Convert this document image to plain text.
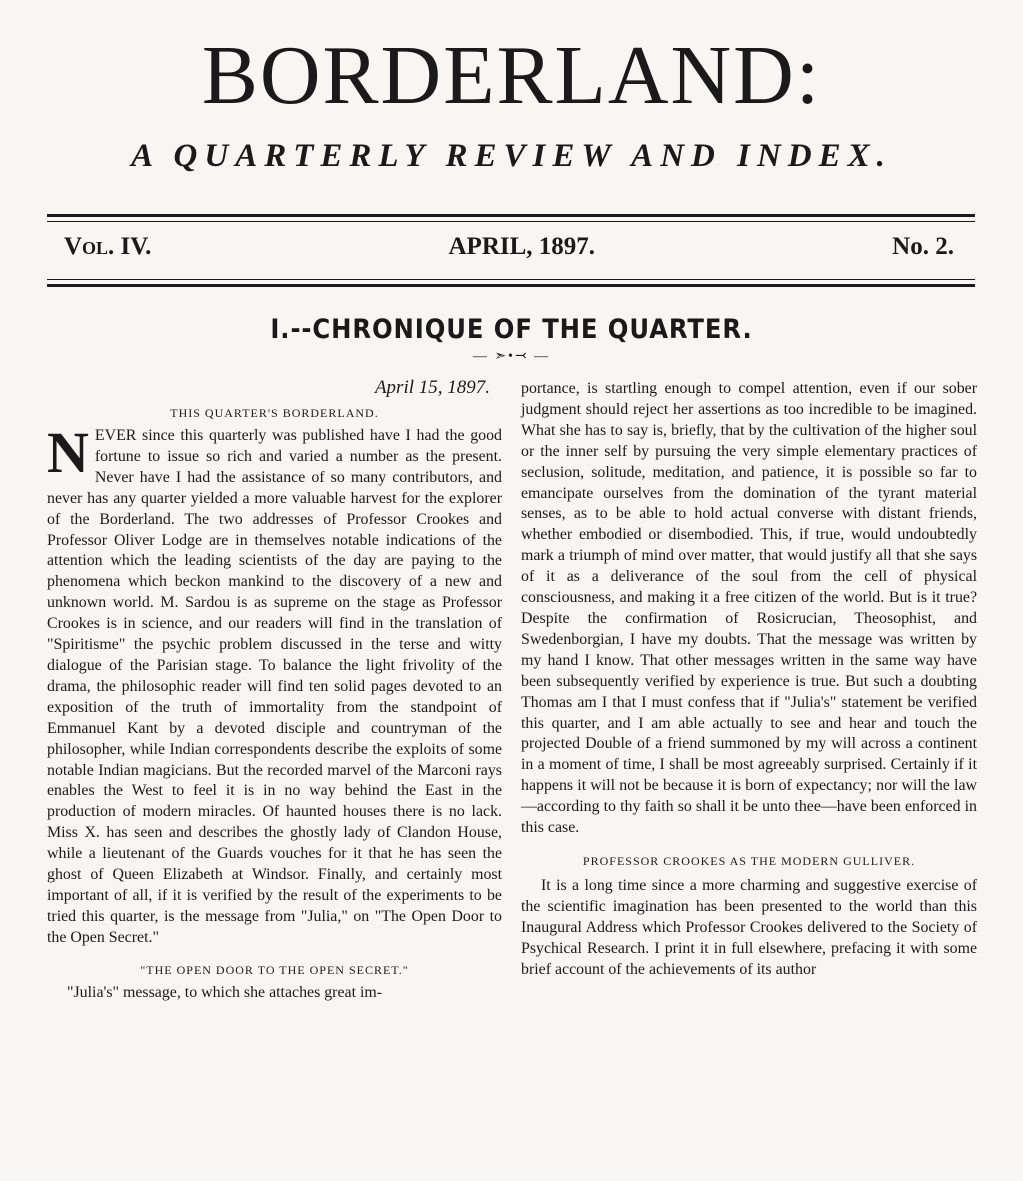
BORDERLAND:
A QUARTERLY REVIEW AND INDEX.
Vol. IV.	APRIL, 1897.	No. 2.
I.--CHRONIQUE OF THE QUARTER.
— ➣•⤙ —
April 15, 1897.
THIS QUARTER'S BORDERLAND.

NEVER since this quarterly was published have I had the good fortune to issue so rich and varied a number as the present. Never have I had the assistance of so many contributors, and never has any quarter yielded a more valuable harvest for the explorer of the Borderland. The two addresses of Professor Crookes and Professor Oliver Lodge are in themselves notable indications of the attention which the leading scientists of the day are paying to the phenomena which beckon mankind to the discovery of a new and unknown world. M. Sardou is as supreme on the stage as Professor Crookes is in science, and our readers will find in the translation of "Spiritisme" the psychic problem discussed in the terse and witty dialogue of the Parisian stage. To balance the light frivolity of the drama, the philosophic reader will find ten solid pages devoted to an exposition of the truth of immortality from the standpoint of Emmanuel Kant by a devoted disciple and countryman of the philosopher, while Indian correspondents describe the exploits of some notable Indian magicians. But the recorded marvel of the Marconi rays enables the West to feel it is in no way behind the East in the production of modern miracles. Of haunted houses there is no lack. Miss X. has seen and describes the ghostly lady of Clandon House, while a lieutenant of the Guards vouches for it that he has seen the ghost of Queen Elizabeth at Windsor. Finally, and certainly most important of all, if it is verified by the result of the experiments to be tried this quarter, is the message from "Julia," on "The Open Door to the Open Secret."

"THE OPEN DOOR TO THE OPEN SECRET."

"Julia's" message, to which she attaches great im-

portance, is startling enough to compel attention, even if our sober judgment should reject her assertions as too incredible to be imagined. What she has to say is, briefly, that by the cultivation of the higher soul or the inner self by pursuing the very simple elementary practices of seclusion, solitude, meditation, and patience, it is possible so far to emancipate ourselves from the domination of the tyrant material senses, as to be able to hold actual converse with distant friends, whether embodied or disembodied. This, if true, would undoubtedly mark a triumph of mind over matter, that would justify all that she says of it as a deliverance of the soul from the cell of physical consciousness, and making it a free citizen of the world. But is it true? Despite the confirmation of Rosicrucian, Theosophist, and Swedenborgian, I have my doubts. That the message was written by my hand I know. That other messages written in the same way have been subsequently verified by experience is true. But such a doubting Thomas am I that I must confess that if "Julia's" statement be verified this quarter, and I am able actually to see and hear and touch the projected Double of a friend summoned by my will across a continent in a moment of time, I shall be most agreeably surprised. Certainly if it happens it will not be because it is born of expectancy; nor will the law—according to thy faith so shall it be unto thee—have been enforced in this case.

PROFESSOR CROOKES AS THE MODERN GULLIVER.

It is a long time since a more charming and suggestive exercise of the scientific imagination has been presented to the world than this Inaugural Address which Professor Crookes delivered to the Society of Psychical Research. I print it in full elsewhere, prefacing it with some brief account of the achievements of its author
